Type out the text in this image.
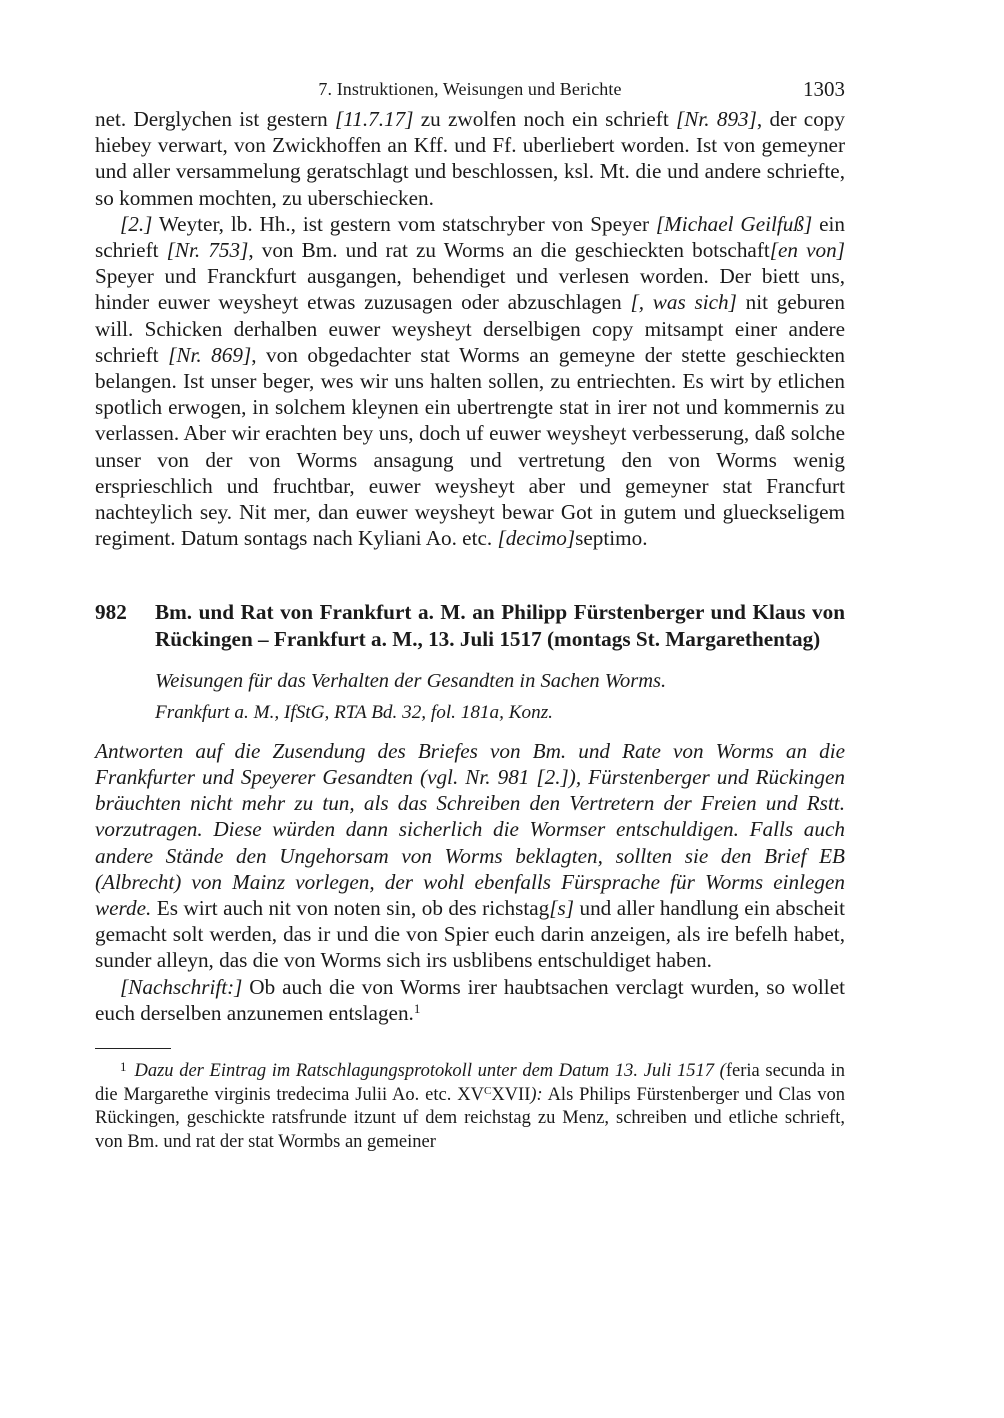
7. Instruktionen, Weisungen und Berichte	1303

net. Derglychen ist gestern [11.7.17] zu zwolfen noch ein schrieft [Nr. 893], der copy hiebey verwart, von Zwickhoffen an Kff. und Ff. uberliebert worden. Ist von gemeyner und aller versammelung geratschlagt und beschlossen, ksl. Mt. die und andere schriefte, so kommen mochten, zu uberschiecken.

[2.] Weyter, lb. Hh., ist gestern vom statschryber von Speyer [Michael Geilfuß] ein schrieft [Nr. 753], von Bm. und rat zu Worms an die geschieckten botschaft[en von] Speyer und Franckfurt ausgangen, behendiget und verlesen worden. Der biett uns, hinder euwer weysheyt etwas zuzusagen oder abzuschlagen [, was sich] nit geburen will. Schicken derhalben euwer weysheyt derselbigen copy mitsampt einer andere schrieft [Nr. 869], von obgedachter stat Worms an gemeyne der stette geschieckten belangen. Ist unser beger, wes wir uns halten sollen, zu entriechten. Es wirt by etlichen spotlich erwogen, in solchem kleynen ein ubertrengte stat in irer not und kommernis zu verlassen. Aber wir erachten bey uns, doch uf euwer weysheyt verbesserung, daß solche unser von der von Worms ansagung und vertretung den von Worms wenig ersprieschlich und fruchtbar, euwer weysheyt aber und gemeyner stat Francfurt nachteylich sey. Nit mer, dan euwer weysheyt bewar Got in gutem und glueckseligem regiment. Datum sontags nach Kyliani Ao. etc. [decimo]septimo.

982	Bm. und Rat von Frankfurt a. M. an Philipp Fürstenberger und Klaus von Rückingen – Frankfurt a. M., 13. Juli 1517 (montags St. Margarethentag)
Weisungen für das Verhalten der Gesandten in Sachen Worms.
Frankfurt a. M., IfStG, RTA Bd. 32, fol. 181a, Konz.

Antworten auf die Zusendung des Briefes von Bm. und Rate von Worms an die Frankfurter und Speyerer Gesandten (vgl. Nr. 981 [2.]), Fürstenberger und Rückingen bräuchten nicht mehr zu tun, als das Schreiben den Vertretern der Freien und Rstt. vorzutragen. Diese würden dann sicherlich die Wormser entschuldigen. Falls auch andere Stände den Ungehorsam von Worms beklagten, sollten sie den Brief EB (Albrecht) von Mainz vorlegen, der wohl ebenfalls Fürsprache für Worms einlegen werde. Es wirt auch nit von noten sin, ob des richstag[s] und aller handlung ein abscheit gemacht solt werden, das ir und die von Spier euch darin anzeigen, als ire befelh habet, sunder alleyn, das die von Worms sich irs usblibens entschuldiget haben.

[Nachschrift:] Ob auch die von Worms irer haubtsachen verclagt wurden, so wollet euch derselben anzunemen entslagen.$^1$

$^1$ Dazu der Eintrag im Ratschlagungsprotokoll unter dem Datum 13. Juli 1517 (feria secunda in die Margarethe virginis tredecima Julii Ao. etc. $XV^CXVII$): Als Philips Fürstenberger und Clas von Rückingen, geschickte ratsfrunde itzunt uf dem reichstag zu Menz, schreiben und etliche schrieft, von Bm. und rat der stat Wormbs an gemeiner
